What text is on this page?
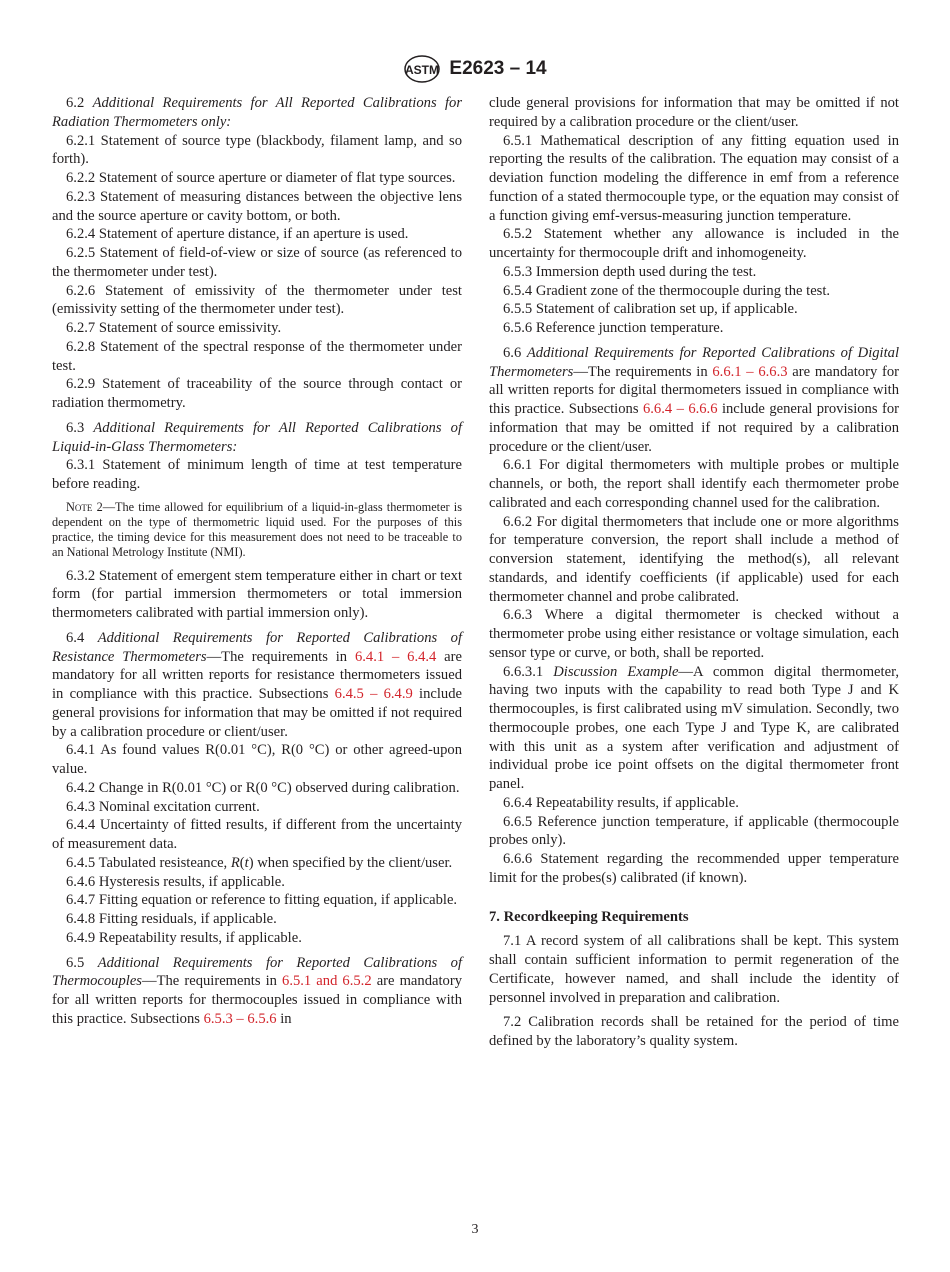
ASTM E2623 – 14

6.2 Additional Requirements for All Reported Calibrations for Radiation Thermometers only:

6.2.1 Statement of source type (blackbody, filament lamp, and so forth).

6.2.2 Statement of source aperture or diameter of flat type sources.

6.2.3 Statement of measuring distances between the objective lens and the source aperture or cavity bottom, or both.

6.2.4 Statement of aperture distance, if an aperture is used.

6.2.5 Statement of field-of-view or size of source (as referenced to the thermometer under test).

6.2.6 Statement of emissivity of the thermometer under test (emissivity setting of the thermometer under test).

6.2.7 Statement of source emissivity.

6.2.8 Statement of the spectral response of the thermometer under test.

6.2.9 Statement of traceability of the source through contact or radiation thermometry.

6.3 Additional Requirements for All Reported Calibrations of Liquid-in-Glass Thermometers:

6.3.1 Statement of minimum length of time at test temperature before reading.

Note 2—The time allowed for equilibrium of a liquid-in-glass thermometer is dependent on the type of thermometric liquid used. For the purposes of this practice, the timing device for this measurement does not need to be traceable to an National Metrology Institute (NMI).

6.3.2 Statement of emergent stem temperature either in chart or text form (for partial immersion thermometers or total immersion thermometers calibrated with partial immersion only).

6.4 Additional Requirements for Reported Calibrations of Resistance Thermometers—The requirements in 6.4.1 – 6.4.4 are mandatory for all written reports for resistance thermometers issued in compliance with this practice. Subsections 6.4.5 – 6.4.9 include general provisions for information that may be omitted if not required by a calibration procedure or client/user.

6.4.1 As found values R(0.01 °C), R(0 °C) or other agreed-upon value.

6.4.2 Change in R(0.01 °C) or R(0 °C) observed during calibration.

6.4.3 Nominal excitation current.

6.4.4 Uncertainty of fitted results, if different from the uncertainty of measurement data.

6.4.5 Tabulated resisteance, R(t) when specified by the client/user.

6.4.6 Hysteresis results, if applicable.

6.4.7 Fitting equation or reference to fitting equation, if applicable.

6.4.8 Fitting residuals, if applicable.

6.4.9 Repeatability results, if applicable.

6.5 Additional Requirements for Reported Calibrations of Thermocouples—The requirements in 6.5.1 and 6.5.2 are mandatory for all written reports for thermocouples issued in compliance with this practice. Subsections 6.5.3 – 6.5.6 in

clude general provisions for information that may be omitted if not required by a calibration procedure or the client/user.

6.5.1 Mathematical description of any fitting equation used in reporting the results of the calibration. The equation may consist of a deviation function modeling the difference in emf from a reference function of a stated thermocouple type, or the equation may consist of a function giving emf-versus-measuring junction temperature.

6.5.2 Statement whether any allowance is included in the uncertainty for thermocouple drift and inhomogeneity.

6.5.3 Immersion depth used during the test.

6.5.4 Gradient zone of the thermocouple during the test.

6.5.5 Statement of calibration set up, if applicable.

6.5.6 Reference junction temperature.

6.6 Additional Requirements for Reported Calibrations of Digital Thermometers—The requirements in 6.6.1 – 6.6.3 are mandatory for all written reports for digital thermometers issued in compliance with this practice. Subsections 6.6.4 – 6.6.6 include general provisions for information that may be omitted if not required by a calibration procedure or the client/user.

6.6.1 For digital thermometers with multiple probes or multiple channels, or both, the report shall identify each thermometer probe calibrated and each corresponding channel used for the calibration.

6.6.2 For digital thermometers that include one or more algorithms for temperature conversion, the report shall include a method of conversion statement, identifying the method(s), all relevant standards, and identify coefficients (if applicable) used for each thermometer channel and probe calibrated.

6.6.3 Where a digital thermometer is checked without a thermometer probe using either resistance or voltage simulation, each sensor type or curve, or both, shall be reported.

6.6.3.1 Discussion Example—A common digital thermometer, having two inputs with the capability to read both Type J and K thermocouples, is first calibrated using mV simulation. Secondly, two thermocouple probes, one each Type J and Type K, are calibrated with this unit as a system after verification and adjustment of individual probe ice point offsets on the digital thermometer front panel.

6.6.4 Repeatability results, if applicable.

6.6.5 Reference junction temperature, if applicable (thermocouple probes only).

6.6.6 Statement regarding the recommended upper temperature limit for the probes(s) calibrated (if known).

7. Recordkeeping Requirements

7.1 A record system of all calibrations shall be kept. This system shall contain sufficient information to permit regeneration of the Certificate, however named, and shall include the identity of personnel involved in preparation and calibration.

7.2 Calibration records shall be retained for the period of time defined by the laboratory’s quality system.

3
